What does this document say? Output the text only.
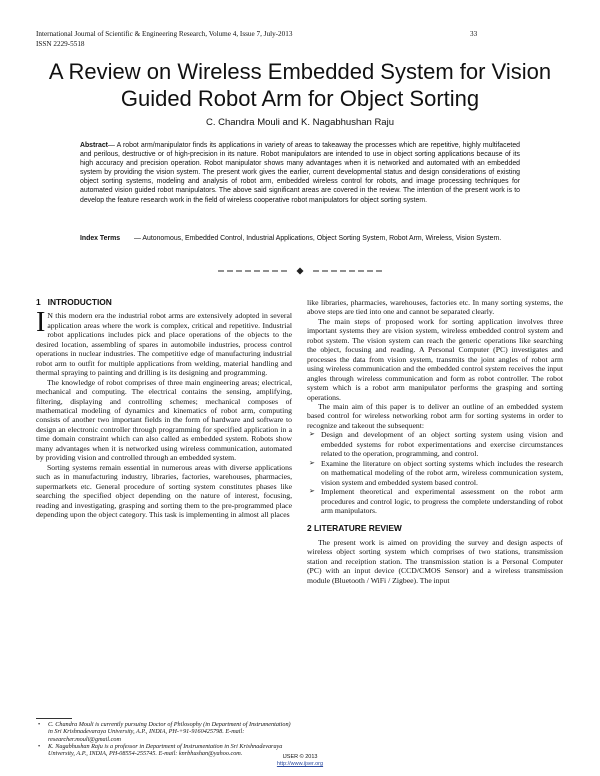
International Journal of Scientific & Engineering Research, Volume 4, Issue 7, July-2013
ISSN 2229-5518
33
A Review on Wireless Embedded System for Vision Guided Robot Arm for Object Sorting
C. Chandra Mouli and K. Nagabhushan Raju
Abstract— A robot arm/manipulator finds its applications in variety of areas to takeaway the processes which are repetitive, highly multifaceted and perilous, destructive or of high-precision in its nature. Robot manipulators are intended to use in object sorting applications because of its high accuracy and precision operation. Robot manipulator shows many advantages when it is networked and automated with an embedded system by providing the vision system. The present work gives the earlier, current developmental status and design considerations of existing object sorting systems, modeling and analysis of robot arm, embedded wireless control for robots, and image processing techniques for automated vision guided robot manipulators. The above said significant areas are covered in the review. The intention of the present work is to develop the feature research work in the field of wireless cooperative robot manipulators for object sorting system.
Index Terms	— Autonomous, Embedded Control, Industrial Applications, Object Sorting System, Robot Arm, Wireless, Vision System.
1 INTRODUCTION

I N this modern era the industrial robot arms are extensively adopted in several application areas where the work is complex, critical and repetitive. Industrial robot applications includes pick and place operations of the objects to the desired location, assembling of spares in automobile industries, process control operations in nuclear industries. The competitive edge of manufacturing industrial robot arm to outfit for multiple applications from welding, material handling and thermal spraying to painting and drilling is its designing and programming.

The knowledge of robot comprises of three main engineering areas; electrical, mechanical and computing. The electrical contains the sensing, amplifying, filtering, displaying and controlling schemes; mechanical composes of mathematical modeling of dynamics and kinematics of robot arm, computing consists of another two important fields in the form of hardware and software to design an electronic controller through programming for specified application in a time domain constraint which can also called as embedded system. Robots show many advantages when it is networked using wireless communication, automated by providing vision and controlled through an embedded system.

Sorting systems remain essential in numerous areas with diverse applications such as in manufacturing industry, libraries, factories, warehouses, pharmacies, supermarkets etc. General procedure of sorting system constitutes phases like searching the specified object depending on the nature of interest, focusing, reading and investigating, grasping and sorting them to the pre-programmed place depending upon the object category. This task is implementing in almost all places

like libraries, pharmacies, warehouses, factories etc. In many sorting systems, the above steps are tied into one and cannot be separated clearly.

The main steps of proposed work for sorting application involves three important systems they are vision system, wireless embedded control system and robot system. The vision system can reach the generic operations like searching the object, focusing and reading. A Personal Computer (PC) investigates and processes the data from vision system, transmits the joint angles of robot arm using wireless communication and the embedded control system receives the input angles through wireless communication and form as robot controller. The robot system which is a robot arm manipulator performs the grasping and sorting operations.

The main aim of this paper is to deliver an outline of an embedded system based control for wireless networking robot arm for sorting systems in order to recognize and takeout the subsequent:

➢ Design and development of an object sorting system using vision and embedded systems for robot experimentations and exercise circumstances related to the operation, programming, and control.
➢ Examine the literature on object sorting systems which includes the research on mathematical modeling of the robot arm, wireless communication system, vision system and embedded system based control.
➢ Implement theoretical and experimental assessment on the robot arm procedures and control logic, to progress the complete understanding of robot arm manipulators.
2 LITERATURE REVIEW

The present work is aimed on providing the survey and design aspects of wireless object sorting system which comprises of two stations, transmission station and receiption station. The transmission station is a Personal Computer (PC) with an input device (CCD/CMOS Sensor) and a wireless transmission module (Bluetooth / WiFi / Zigbee). The input

• C. Chandra Mouli is currently pursuing Doctor of Philosophy (in Department of Instrumentation) in Sri Krishnadevaraya University, A.P., INDIA, PH-+91-9160425798. E-mail: researcher.mouli@gmail.com
• K. Nagabhushan Raju is a professor in Department of Instrumentation in Sri Krishnadevaraya University, A.P., INDIA, PH-08554-255745. E-mail: knrbhushan@yahoo.com.	IJSER © 2013
http://www.ijser.org
